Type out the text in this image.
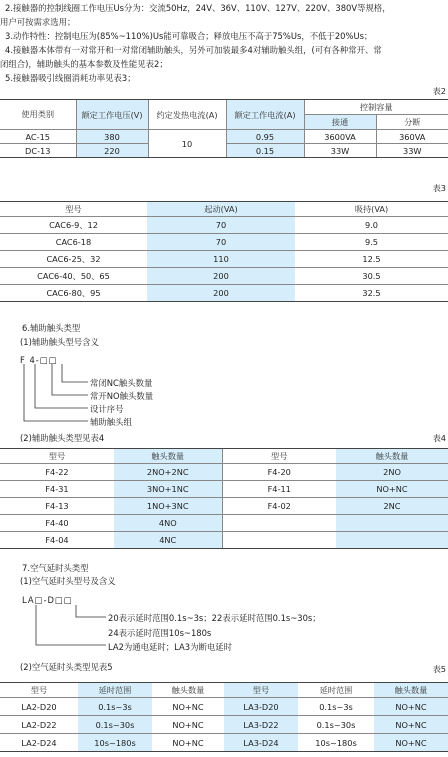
2.接触器的控制线圈工作电压Us分为：交流50Hz，24V、36V、110V、127V、220V、380V等规格，
用户可按需求选用；
3.动作特性：控制电压为(85%~110%)Us能可靠吸合；释放电压不高于75%Us，不低于20%Us；
4.接触器本体带有一对常开和一对常闭辅助触头，另外可加装最多4对辅助触头组，(可有各种常开、常
闭组合)，辅助触头的基本参数及性能见表2；
5.接触器吸引线圈消耗功率见表3；
表2
使用类别	额定工作电压(V)	约定发热电流(A)	额定工作电流(A)	控制容量	
				接通	分断
AC-15	380	10	0.95	3600VA	360VA
DC-13	220		0.15	33W	33W
表3
型号	起动(VA)	吸持(VA)
CAC6-9、12	70	9.0
CAC6-18	70	9.5
CAC6-25、32	110	12.5
CAC6-40、50、65	200	30.5
CAC6-80、95	200	32.5
6.辅助触头类型
(1)辅助触头型号含义
F 4-□□
常闭NC触头数量
常开NO触头数量
设计序号
辅助触头组
(2)辅助触头类型见表4	表4
型号	触头数量	型号	触头数量
F4-22	2NO+2NC	F4-20	2NO
F4-31	3NO+1NC	F4-11	NO+NC
F4-13	1NO+3NC	F4-02	2NC
F4-40	4NO		
F4-04	4NC		
7.空气延时头类型
(1)空气延时头型号及含义
LA□-D□□
20表示延时范围0.1s~3s；22表示延时范围0.1s~30s；
24表示延时范围10s~180s
LA2为通电延时；LA3为断电延时
(2)空气延时头类型见表5	表5
型号	延时范围	触头数量	型号	延时范围	触头数量
LA2-D20	0.1s~3s	NO+NC	LA3-D20	0.1s~3s	NO+NC
LA2-D22	0.1s~30s	NO+NC	LA3-D22	0.1s~30s	NO+NC
LA2-D24	10s~180s	NO+NC	LA3-D24	10s~180s	NO+NC
